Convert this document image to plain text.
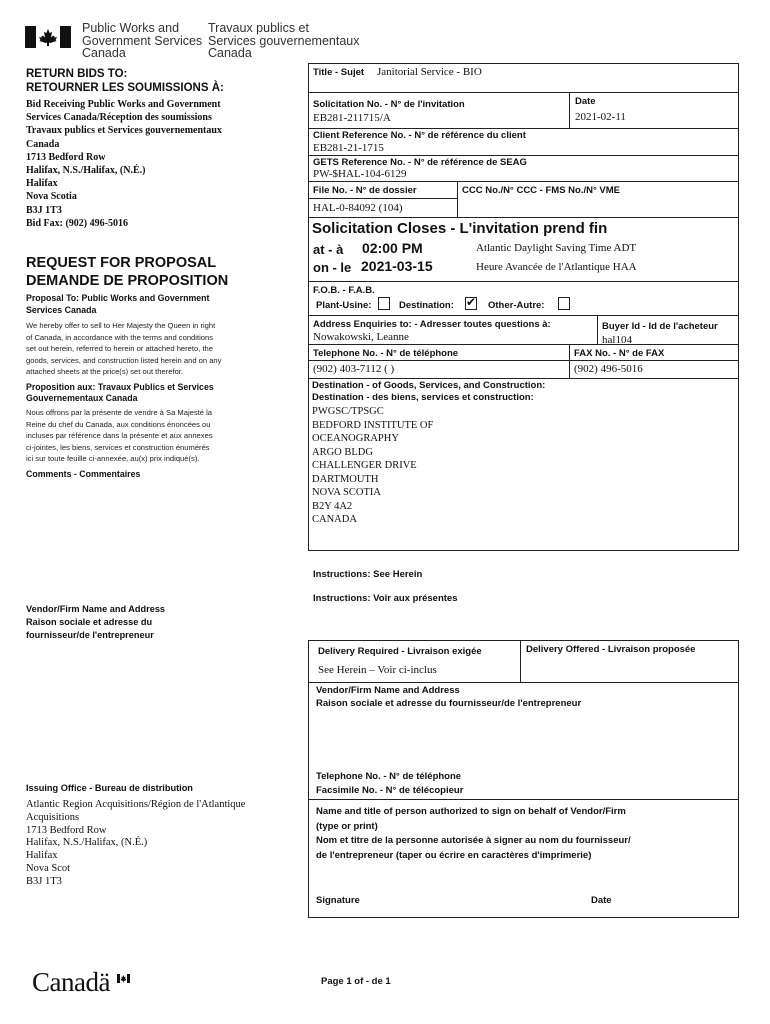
Public Works and
Government Services
Canada
Travaux publics et
Services gouvernementaux
Canada
RETURN BIDS TO:
RETOURNER LES SOUMISSIONS À:
Bid Receiving Public Works and Government
Services Canada/Réception des soumissions
Travaux publics et Services gouvernementaux
Canada
1713 Bedford Row
Halifax, N.S./Halifax, (N.É.)
Halifax
Nova Scotia
B3J 1T3
Bid Fax: (902) 496-5016
REQUEST FOR PROPOSAL
DEMANDE DE PROPOSITION
Proposal To: Public Works and Government
Services Canada
We hereby offer to sell to Her Majesty the Queen in right
of Canada, in accordance with the terms and conditions
set out herein, referred to herein or attached hereto, the
goods, services, and construction listed herein and on any
attached sheets at the price(s) set out therefor.
Proposition aux: Travaux Publics et Services
Gouvernementaux Canada
Nous offrons par la présente de vendre à Sa Majesté la
Reine du chef du Canada, aux conditions énoncées ou
incluses par référence dans la présente et aux annexes
ci-jointes, les biens, services et construction énumérés
ici sur toute feuille ci-annexée, au(x) prix indiqué(s).
Comments - Commentaires
Vendor/Firm Name and Address
Raison sociale et adresse du
fournisseur/de l'entrepreneur
Issuing Office - Bureau de distribution
Atlantic Region Acquisitions/Région de l'Atlantique
Acquisitions
1713 Bedford Row
Halifax, N.S./Halifax, (N.É.)
Halifax
Nova Scot
B3J 1T3
Title - Sujet Janitorial Service - BIO
Solicitation No. - N° de l'invitation
EB281-211715/A
Date
2021-02-11
Client Reference No. - N° de référence du client
EB281-21-1715
GETS Reference No. - N° de référence de SEAG
PW-$HAL-104-6129
File No. - N° de dossier
HAL-0-84092 (104)
CCC No./N° CCC - FMS No./N° VME
Solicitation Closes - L'invitation prend fin
at - à 02:00 PM
on - le 2021-03-15
Atlantic Daylight Saving Time ADT
Heure Avancée de l'Atlantique HAA
F.O.B. - F.A.B.
Plant-Usine:	Destination: ✔ Other-Autre:
Address Enquiries to: - Adresser toutes questions à:
Nowakowski, Leanne
Buyer Id - Id de l'acheteur
hal104
Telephone No. - N° de téléphone
(902) 403-7112 ( )
FAX No. - N° de FAX
(902) 496-5016
Destination - of Goods, Services, and Construction:
Destination - des biens, services et construction:
PWGSC/TPSGC
BEDFORD INSTITUTE OF
OCEANOGRAPHY
ARGO BLDG
CHALLENGER DRIVE
DARTMOUTH
NOVA SCOTIA
B2Y 4A2
CANADA
Instructions: See Herein
Instructions: Voir aux présentes
Delivery Required - Livraison exigée
See Herein – Voir ci-inclus
Delivery Offered - Livraison proposée
Vendor/Firm Name and Address
Raison sociale et adresse du fournisseur/de l'entrepreneur
Telephone No. - N° de téléphone
Facsimile No. - N° de télécopieur
Name and title of person authorized to sign on behalf of Vendor/Firm
(type or print)
Nom et titre de la personne autorisée à signer au nom du fournisseur/
de l'entrepreneur (taper ou écrire en caractères d'imprimerie)
Signature	Date
Canadä	Page 1 of - de 1
